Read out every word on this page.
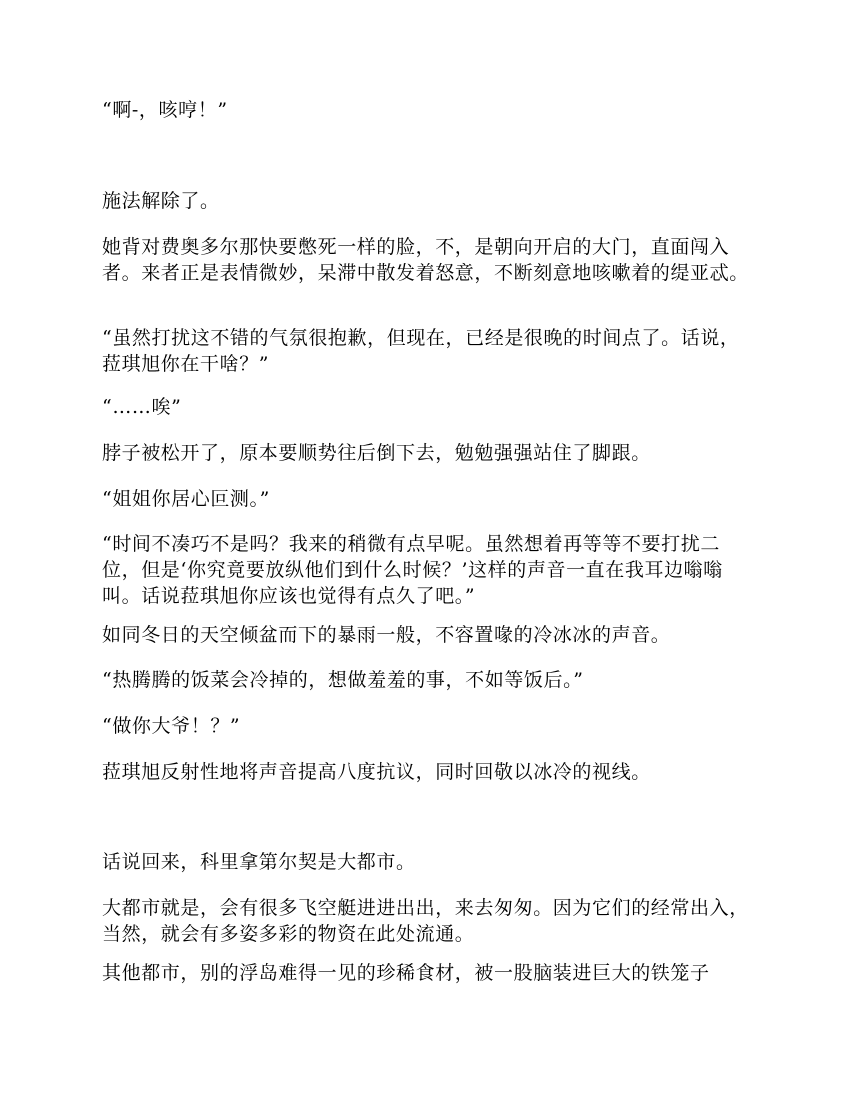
“啊-，咳哼！”

施法解除了。

她背对费奥多尔那快要憋死一样的脸，不，是朝向开启的大门，直面闯入者。来者正是表情微妙，呆滞中散发着怒意，不断刻意地咳嗽着的缇亚忒。

“虽然打扰这不错的气氛很抱歉，但现在，已经是很晚的时间点了。话说，菈琪旭你在干啥？”

“……唉”

脖子被松开了，原本要顺势往后倒下去，勉勉强强站住了脚跟。

“姐姐你居心叵测。”

“时间不凑巧不是吗？我来的稍微有点早呢。虽然想着再等等不要打扰二位，但是‘你究竟要放纵他们到什么时候？’这样的声音一直在我耳边嗡嗡叫。话说菈琪旭你应该也觉得有点久了吧。”

如同冬日的天空倾盆而下的暴雨一般，不容置喙的冷冰冰的声音。

“热腾腾的饭菜会冷掉的，想做羞羞的事，不如等饭后。”

“做你大爷！？”

菈琪旭反射性地将声音提高八度抗议，同时回敬以冰冷的视线。

话说回来，科里拿第尔契是大都市。

大都市就是，会有很多飞空艇进进出出，来去匆匆。因为它们的经常出入，当然，就会有多姿多彩的物资在此处流通。

其他都市，别的浮岛难得一见的珍稀食材，被一股脑装进巨大的铁笼子
